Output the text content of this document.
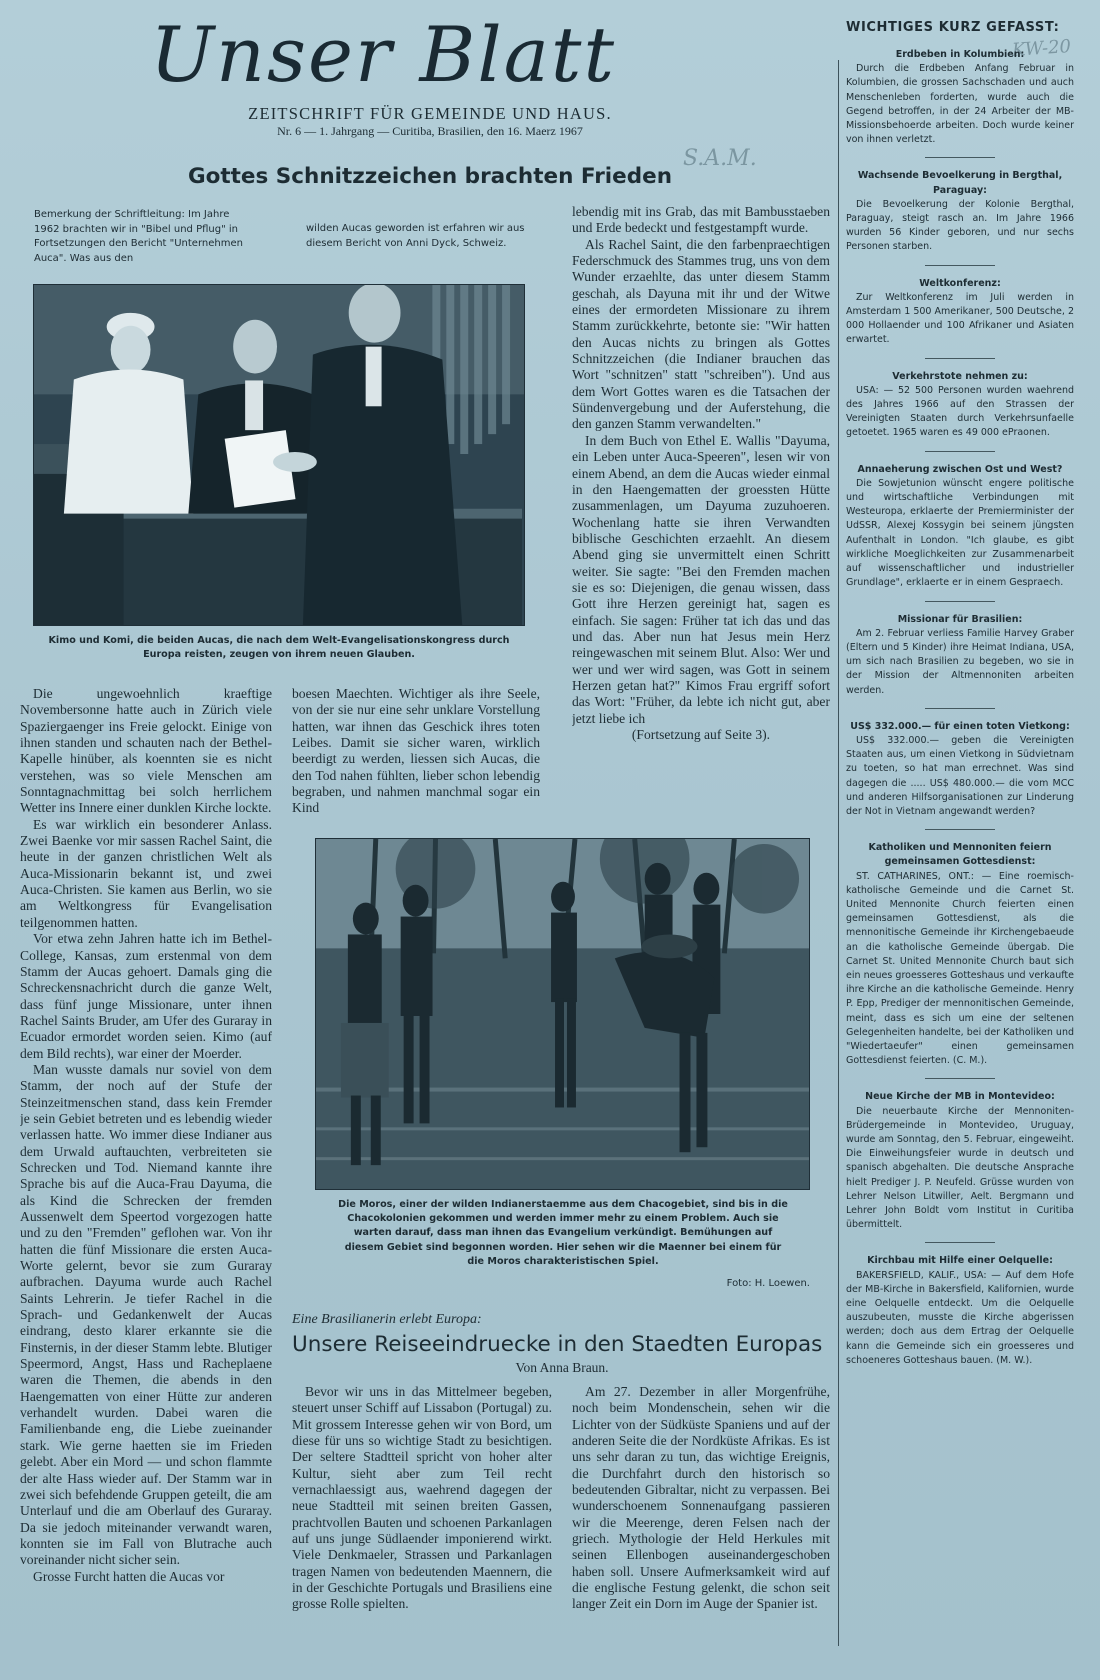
Unser Blatt
ZEITSCHRIFT FÜR GEMEINDE UND HAUS.
Nr. 6 — 1. Jahrgang — Curitiba, Brasilien, den 16. Maerz 1967
S.A.M.
KW-20
Gottes Schnitzzeichen brachten Frieden
Bemerkung der Schriftleitung: Im Jahre 1962 brachten wir in "Bibel und Pflug" in Fortsetzungen den Bericht "Unternehmen Auca". Was aus den
wilden Aucas geworden ist erfahren wir aus diesem Bericht von Anni Dyck, Schweiz.
Kimo und Komi, die beiden Aucas, die nach dem Welt-Evangelisationskongress durch Europa reisten, zeugen von ihrem neuen Glauben.

Die ungewoehnlich kraeftige Novembersonne hatte auch in Zürich viele Spaziergaenger ins Freie gelockt. Einige von ihnen standen und schauten nach der Bethel-Kapelle hinüber, als koennten sie es nicht verstehen, was so viele Menschen am Sonntagnachmittag bei solch herrlichem Wetter ins Innere einer dunklen Kirche lockte.

Es war wirklich ein besonderer Anlass. Zwei Baenke vor mir sassen Rachel Saint, die heute in der ganzen christlichen Welt als Auca-Missionarin bekannt ist, und zwei Auca-Christen. Sie kamen aus Berlin, wo sie am Weltkongress für Evangelisation teilgenommen hatten.

Vor etwa zehn Jahren hatte ich im Bethel-College, Kansas, zum erstenmal von dem Stamm der Aucas gehoert. Damals ging die Schreckensnachricht durch die ganze Welt, dass fünf junge Missionare, unter ihnen Rachel Saints Bruder, am Ufer des Guraray in Ecuador ermordet worden seien. Kimo (auf dem Bild rechts), war einer der Moerder.

Man wusste damals nur soviel von dem Stamm, der noch auf der Stufe der Steinzeitmenschen stand, dass kein Fremder je sein Gebiet betreten und es lebendig wieder verlassen hatte. Wo immer diese Indianer aus dem Urwald auftauchten, verbreiteten sie Schrecken und Tod. Niemand kannte ihre Sprache bis auf die Auca-Frau Dayuma, die als Kind die Schrecken der fremden Aussenwelt dem Speertod vorgezogen hatte und zu den "Fremden" geflohen war. Von ihr hatten die fünf Missionare die ersten Auca-Worte gelernt, bevor sie zum Guraray aufbrachen. Dayuma wurde auch Rachel Saints Lehrerin. Je tiefer Rachel in die Sprach- und Gedankenwelt der Aucas eindrang, desto klarer erkannte sie die Finsternis, in der dieser Stamm lebte. Blutiger Speermord, Angst, Hass und Racheplaene waren die Themen, die abends in den Haengematten von einer Hütte zur anderen verhandelt wurden. Dabei waren die Familienbande eng, die Liebe zueinander stark. Wie gerne haetten sie im Frieden gelebt. Aber ein Mord — und schon flammte der alte Hass wieder auf. Der Stamm war in zwei sich befehdende Gruppen geteilt, die am Unterlauf und die am Oberlauf des Guraray. Da sie jedoch miteinander verwandt waren, konnten sie im Fall von Blutrache auch voreinander nicht sicher sein.

Grosse Furcht hatten die Aucas vor

boesen Maechten. Wichtiger als ihre Seele, von der sie nur eine sehr unklare Vorstellung hatten, war ihnen das Geschick ihres toten Leibes. Damit sie sicher waren, wirklich beerdigt zu werden, liessen sich Aucas, die den Tod nahen fühlten, lieber schon lebendig begraben, und nahmen manchmal sogar ein Kind

lebendig mit ins Grab, das mit Bambusstaeben und Erde bedeckt und festgestampft wurde.

Als Rachel Saint, die den farbenpraechtigen Federschmuck des Stammes trug, uns von dem Wunder erzaehlte, das unter diesem Stamm geschah, als Dayuna mit ihr und der Witwe eines der ermordeten Missionare zu ihrem Stamm zurückkehrte, betonte sie: "Wir hatten den Aucas nichts zu bringen als Gottes Schnitzzeichen (die Indianer brauchen das Wort "schnitzen" statt "schreiben"). Und aus dem Wort Gottes waren es die Tatsachen der Sündenvergebung und der Auferstehung, die den ganzen Stamm verwandelten."

In dem Buch von Ethel E. Wallis "Dayuma, ein Leben unter Auca-Speeren", lesen wir von einem Abend, an dem die Aucas wieder einmal in den Haengematten der groessten Hütte zusammenlagen, um Dayuma zuzuhoeren. Wochenlang hatte sie ihren Verwandten biblische Geschichten erzaehlt. An diesem Abend ging sie unvermittelt einen Schritt weiter. Sie sagte: "Bei den Fremden machen sie es so: Diejenigen, die genau wissen, dass Gott ihre Herzen gereinigt hat, sagen es einfach. Sie sagen: Früher tat ich das und das und das. Aber nun hat Jesus mein Herz reingewaschen mit seinem Blut. Also: Wer und wer und wer wird sagen, was Gott in seinem Herzen getan hat?" Kimos Frau ergriff sofort das Wort: "Früher, da lebte ich nicht gut, aber jetzt liebe ich

(Fortsetzung auf Seite 3).

Die Moros, einer der wilden Indianerstaemme aus dem Chacogebiet, sind bis in die Chacokolonien gekommen und werden immer mehr zu einem Problem. Auch sie warten darauf, dass man ihnen das Evangelium verkündigt. Bemühungen auf diesem Gebiet sind begonnen worden. Hier sehen wir die Maenner bei einem für die Moros charakteristischen Spiel.
Foto: H. Loewen.
Eine Brasilianerin erlebt Europa:
Unsere Reiseeindruecke in den Staedten Europas
Von Anna Braun.

Bevor wir uns in das Mittelmeer begeben, steuert unser Schiff auf Lissabon (Portugal) zu. Mit grossem Interesse gehen wir von Bord, um diese für uns so wichtige Stadt zu besichtigen. Der seltere Stadtteil spricht von hoher alter Kultur, sieht aber zum Teil recht vernachlaessigt aus, waehrend dagegen der neue Stadtteil mit seinen breiten Gassen, prachtvollen Bauten und schoenen Parkanlagen auf uns junge Südlaender imponierend wirkt. Viele Denkmaeler, Strassen und Parkanlagen tragen Namen von bedeutenden Maennern, die in der Geschichte Portugals und Brasiliens eine grosse Rolle spielten.

Am 27. Dezember in aller Morgenfrühe, noch beim Mondenschein, sehen wir die Lichter von der Südküste Spaniens und auf der anderen Seite die der Nordküste Afrikas. Es ist uns sehr daran zu tun, das wichtige Ereignis, die Durchfahrt durch den historisch so bedeutenden Gibraltar, nicht zu verpassen. Bei wunderschoenem Sonnenaufgang passieren wir die Meerenge, deren Felsen nach der griech. Mythologie der Held Herkules mit seinen Ellenbogen auseinandergeschoben haben soll. Unsere Aufmerksamkeit wird auf die englische Festung gelenkt, die schon seit langer Zeit ein Dorn im Auge der Spanier ist.

WICHTIGES KURZ GEFASST:
Erdbeben in Kolumbien:
Durch die Erdbeben Anfang Februar in Kolumbien, die grossen Sachschaden und auch Menschenleben forderten, wurde auch die Gegend betroffen, in der 24 Arbeiter der MB-Missionsbehoerde arbeiten. Doch wurde keiner von ihnen verletzt.
Wachsende Bevoelkerung in Bergthal, Paraguay:
Die Bevoelkerung der Kolonie Bergthal, Paraguay, steigt rasch an. Im Jahre 1966 wurden 56 Kinder geboren, und nur sechs Personen starben.
Weltkonferenz:
Zur Weltkonferenz im Juli werden in Amsterdam 1 500 Amerikaner, 500 Deutsche, 2 000 Hollaender und 100 Afrikaner und Asiaten erwartet.
Verkehrstote nehmen zu:
USA: — 52 500 Personen wurden waehrend des Jahres 1966 auf den Strassen der Vereinigten Staaten durch Verkehrsunfaelle getoetet. 1965 waren es 49 000 ePraonen.
Annaeherung zwischen Ost und West?
Die Sowjetunion wünscht engere politische und wirtschaftliche Verbindungen mit Westeuropa, erklaerte der Premierminister der UdSSR, Alexej Kossygin bei seinem jüngsten Aufenthalt in London. "Ich glaube, es gibt wirkliche Moeglichkeiten zur Zusammenarbeit auf wissenschaftlicher und industrieller Grundlage", erklaerte er in einem Gespraech.
Missionar für Brasilien:
Am 2. Februar verliess Familie Harvey Graber (Eltern und 5 Kinder) ihre Heimat Indiana, USA, um sich nach Brasilien zu begeben, wo sie in der Mission der Altmennoniten arbeiten werden.
US$ 332.000.— für einen toten Vietkong:
US$ 332.000.— geben die Vereinigten Staaten aus, um einen Vietkong in Südvietnam zu toeten, so hat man errechnet. Was sind dagegen die ..... US$ 480.000.— die vom MCC und anderen Hilfsorganisationen zur Linderung der Not in Vietnam angewandt werden?
Katholiken und Mennoniten feiern gemeinsamen Gottesdienst:
ST. CATHARINES, ONT.: — Eine roemisch-katholische Gemeinde und die Carnet St. United Mennonite Church feierten einen gemeinsamen Gottesdienst, als die mennonitische Gemeinde ihr Kirchengebaeude an die katholische Gemeinde übergab. Die Carnet St. United Mennonite Church baut sich ein neues groesseres Gotteshaus und verkaufte ihre Kirche an die katholische Gemeinde. Henry P. Epp, Prediger der mennonitischen Gemeinde, meint, dass es sich um eine der seltenen Gelegenheiten handelte, bei der Katholiken und "Wiedertaeufer" einen gemeinsamen Gottesdienst feierten. (C. M.).
Neue Kirche der MB in Montevideo:
Die neuerbaute Kirche der Mennoniten-Brüdergemeinde in Montevideo, Uruguay, wurde am Sonntag, den 5. Februar, eingeweiht. Die Einweihungsfeier wurde in deutsch und spanisch abgehalten. Die deutsche Ansprache hielt Prediger J. P. Neufeld. Grüsse wurden von Lehrer Nelson Litwiller, Aelt. Bergmann und Lehrer John Boldt vom Institut in Curitiba übermittelt.
Kirchbau mit Hilfe einer Oelquelle:
BAKERSFIELD, KALIF., USA: — Auf dem Hofe der MB-Kirche in Bakersfield, Kalifornien, wurde eine Oelquelle entdeckt. Um die Oelquelle auszubeuten, musste die Kirche abgerissen werden; doch aus dem Ertrag der Oelquelle kann die Gemeinde sich ein groesseres und schoeneres Gotteshaus bauen. (M. W.).
